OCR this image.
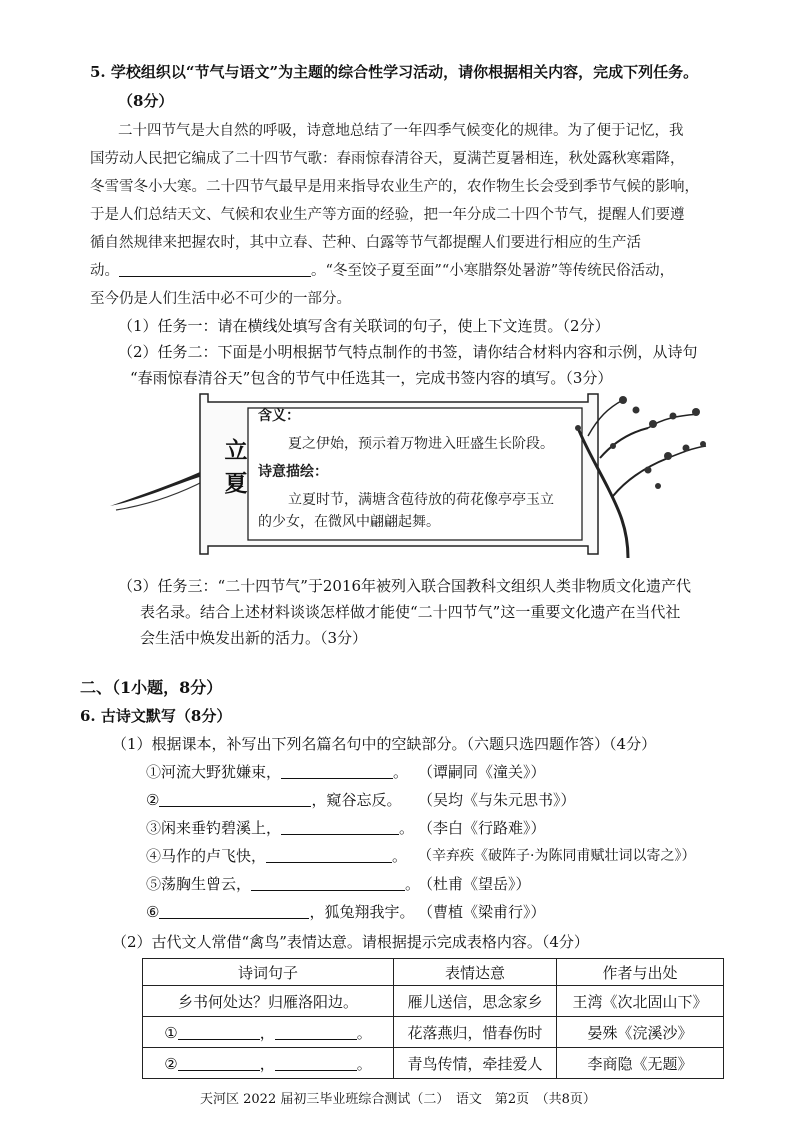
5. 学校组织以“节气与语文”为主题的综合性学习活动，请你根据相关内容，完成下列任务。
（8分）
二十四节气是大自然的呼吸，诗意地总结了一年四季气候变化的规律。为了便于记忆，我
国劳动人民把它编成了二十四节气歌：春雨惊春清谷天，夏满芒夏暑相连，秋处露秋寒霜降，
冬雪雪冬小大寒。二十四节气最早是用来指导农业生产的，农作物生长会受到季节气候的影响，
于是人们总结天文、气候和农业生产等方面的经验，把一年分成二十四个节气，提醒人们要遵
循自然规律来把握农时，其中立春、芒种、白露等节气都提醒人们要进行相应的生产活
动。	。“冬至饺子夏至面”“小寒腊祭处暑游”等传统民俗活动，
至今仍是人们生活中必不可少的一部分。
（1）任务一：请在横线处填写含有关联词的句子，使上下文连贯。（2分）
（2）任务二：下面是小明根据节气特点制作的书签，请你结合材料内容和示例，从诗句
“春雨惊春清谷天”包含的节气中任选其一，完成书签内容的填写。（3分）
立夏
含义：
夏之伊始，预示着万物进入旺盛生长阶段。
诗意描绘：
立夏时节，满塘含苞待放的荷花像亭亭玉立
的少女，在微风中翩翩起舞。
（3）任务三：“二十四节气”于2016年被列入联合国教科文组织人类非物质文化遗产代
表名录。结合上述材料谈谈怎样做才能使“二十四节气”这一重要文化遗产在当代社
会生活中焕发出新的活力。（3分）
二、（1小题，8分）
6. 古诗文默写（8分）
（1）根据课本，补写出下列名篇名句中的空缺部分。（六题只选四题作答）（4分）
①河流大野犹嫌束，	。 （谭嗣同《潼关》）
②	，窥谷忘反。 （吴均《与朱元思书》）
③闲来垂钓碧溪上，	。 （李白《行路难》）
④马作的卢飞快，	。 （辛弃疾《破阵子·为陈同甫赋壮词以寄之》）
⑤荡胸生曾云，	。
（杜甫《望岳》）
⑥	，狐兔翔我宇。 （曹植《梁甫行》）
（2）古代文人常借“禽鸟”表情达意。请根据提示完成表格内容。（4分）
诗词句子	表情达意	作者与出处
乡书何处达？归雁洛阳边。	雁儿送信，思念家乡	王湾《次北固山下》
① ， 。	花落燕归，惜春伤时	晏殊《浣溪沙》
② ， 。	青鸟传情，牵挂爱人	李商隐《无题》
天河区 2022 届初三毕业班综合测试（二）　语文　第2页　（共8页）
